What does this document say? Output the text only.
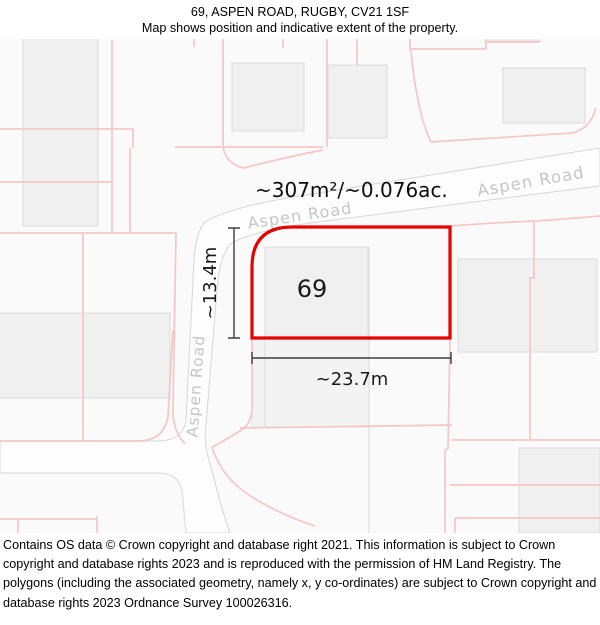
69, ASPEN ROAD, RUGBY, CV21 1SF
Map shows position and indicative extent of the property.
Aspen Road
Aspen Road
Aspen Road
~307m²/~0.076ac.
69
~23.7m
~13.4m
Contains OS data © Crown copyright and database right 2021. This information is subject to Crown copyright and database rights 2023 and is reproduced with the permission of HM Land Registry. The polygons (including the associated geometry, namely x, y co-ordinates) are subject to Crown copyright and database rights 2023 Ordnance Survey 100026316.
